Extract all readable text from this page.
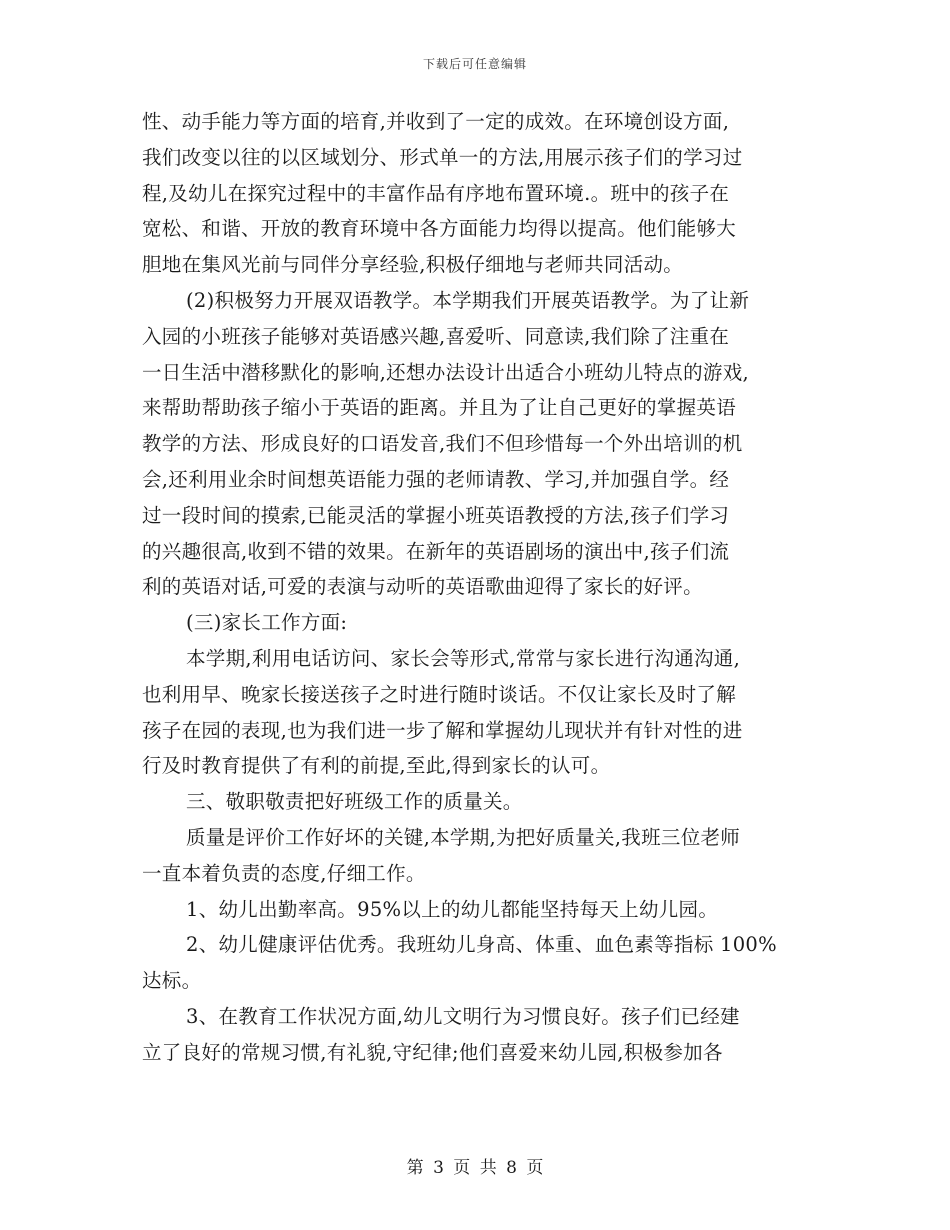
下载后可任意编辑
性、动手能力等方面的培育,并收到了一定的成效。在环境创设方面,
我们改变以往的以区域划分、形式单一的方法,用展示孩子们的学习过
程,及幼儿在探究过程中的丰富作品有序地布置环境.。班中的孩子在
宽松、和谐、开放的教育环境中各方面能力均得以提高。他们能够大
胆地在集风光前与同伴分享经验,积极仔细地与老师共同活动。
(2)积极努力开展双语教学。本学期我们开展英语教学。为了让新
入园的小班孩子能够对英语感兴趣,喜爱听、同意读,我们除了注重在
一日生活中潜移默化的影响,还想办法设计出适合小班幼儿特点的游戏,
来帮助帮助孩子缩小于英语的距离。并且为了让自己更好的掌握英语
教学的方法、形成良好的口语发音,我们不但珍惜每一个外出培训的机
会,还利用业余时间想英语能力强的老师请教、学习,并加强自学。经
过一段时间的摸索,已能灵活的掌握小班英语教授的方法,孩子们学习
的兴趣很高,收到不错的效果。在新年的英语剧场的演出中,孩子们流
利的英语对话,可爱的表演与动听的英语歌曲迎得了家长的好评。
(三)家长工作方面:
本学期,利用电话访问、家长会等形式,常常与家长进行沟通沟通,
也利用早、晚家长接送孩子之时进行随时谈话。不仅让家长及时了解
孩子在园的表现,也为我们进一步了解和掌握幼儿现状并有针对性的进
行及时教育提供了有利的前提,至此,得到家长的认可。
三、敬职敬责把好班级工作的质量关。
质量是评价工作好坏的关键,本学期,为把好质量关,我班三位老师
一直本着负责的态度,仔细工作。
1、幼儿出勤率高。95%以上的幼儿都能坚持每天上幼儿园。
2、幼儿健康评估优秀。我班幼儿身高、体重、血色素等指标 100%
达标。
3、在教育工作状况方面,幼儿文明行为习惯良好。孩子们已经建
立了良好的常规习惯,有礼貌,守纪律;他们喜爱来幼儿园,积极参加各
第 3 页 共 8 页
